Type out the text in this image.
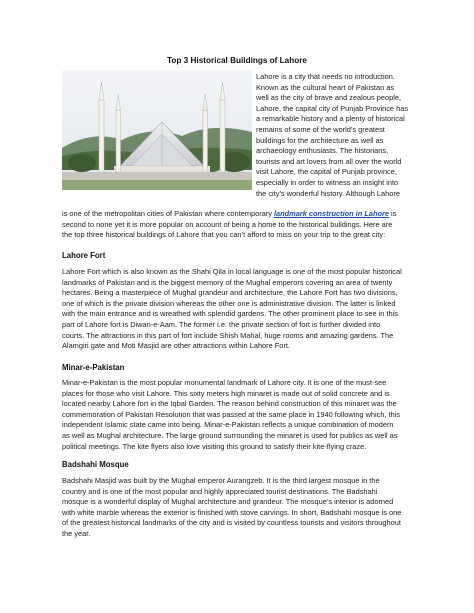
Top 3 Historical Buildings of Lahore

Lahore is a city that needs no introduction.

Known as the cultural heart of Pakistan as

well as the city of brave and zealous people,

Lahore, the capital city of Punjab Province has

a remarkable history and a plenty of historical

remains of some of the world’s greatest

buildings for the architecture as well as

archaeology enthusiasts. The historians,

tourists and art lovers from all over the world

visit Lahore, the capital of Punjab province,

especially in order to witness an insight into

the city’s wonderful history. Although Lahore

is one of the metropolitan cities of Pakistan where contemporary landmark construction in Lahore is

second to none yet it is more popular on account of being a home to the historical buildings. Here are

the top three historical buildings of Lahore that you can’t afford to miss on your trip to the great city:

Lahore Fort

Lahore Fort which is also known as the Shahi Qila in local language is one of the most popular historical

landmarks of Pakistan and is the biggest memory of the Mughal emperors covering an area of twenty

hectares. Being a masterpiece of Mughal grandeur and architecture, the Lahore Fort has two divisions,

one of which is the private division whereas the other one is administrative division. The latter is linked

with the main entrance and is wreathed with splendid gardens. The other prominent place to see in this

part of Lahore fort is Diwan-e-Aam. The former i.e. the private section of fort is further divided into

courts. The attractions in this part of fort include Shish Mahal, huge rooms and amazing gardens. The

Alamgiri gate and Moti Masjid are other attractions within Lahore Fort.

Minar-e-Pakistan

Minar-e-Pakistan is the most popular monumental landmark of Lahore city. It is one of the must-see

places for those who visit Lahore. This sixty meters high minaret is made out of solid concrete and is

located nearby Lahore fort in the Iqbal Garden. The reason behind construction of this minaret was the

commemoration of Pakistan Resolution that was passed at the same place in 1940 following which, this

independent Islamic state came into being. Minar-e-Pakistan reflects a unique combination of modern

as well as Mughal architecture. The large ground surrounding the minaret is used for publics as well as

political meetings. The kite flyers also love visiting this ground to satisfy their kite-flying craze.

Badshahi Mosque

Badshahi Masjid was built by the Mughal emperor Aurangzeb. It is the third largest mosque in the

country and is one of the most popular and highly appreciated tourist destinations. The Badshahi

mosque is a wonderful display of Mughal architecture and grandeur. The mosque’s interior is adorned

with white marble whereas the exterior is finished with stove carvings. In short, Badshahi mosque is one

of the greatest historical landmarks of the city and is visited by countless tourists and visitors throughout

the year.
